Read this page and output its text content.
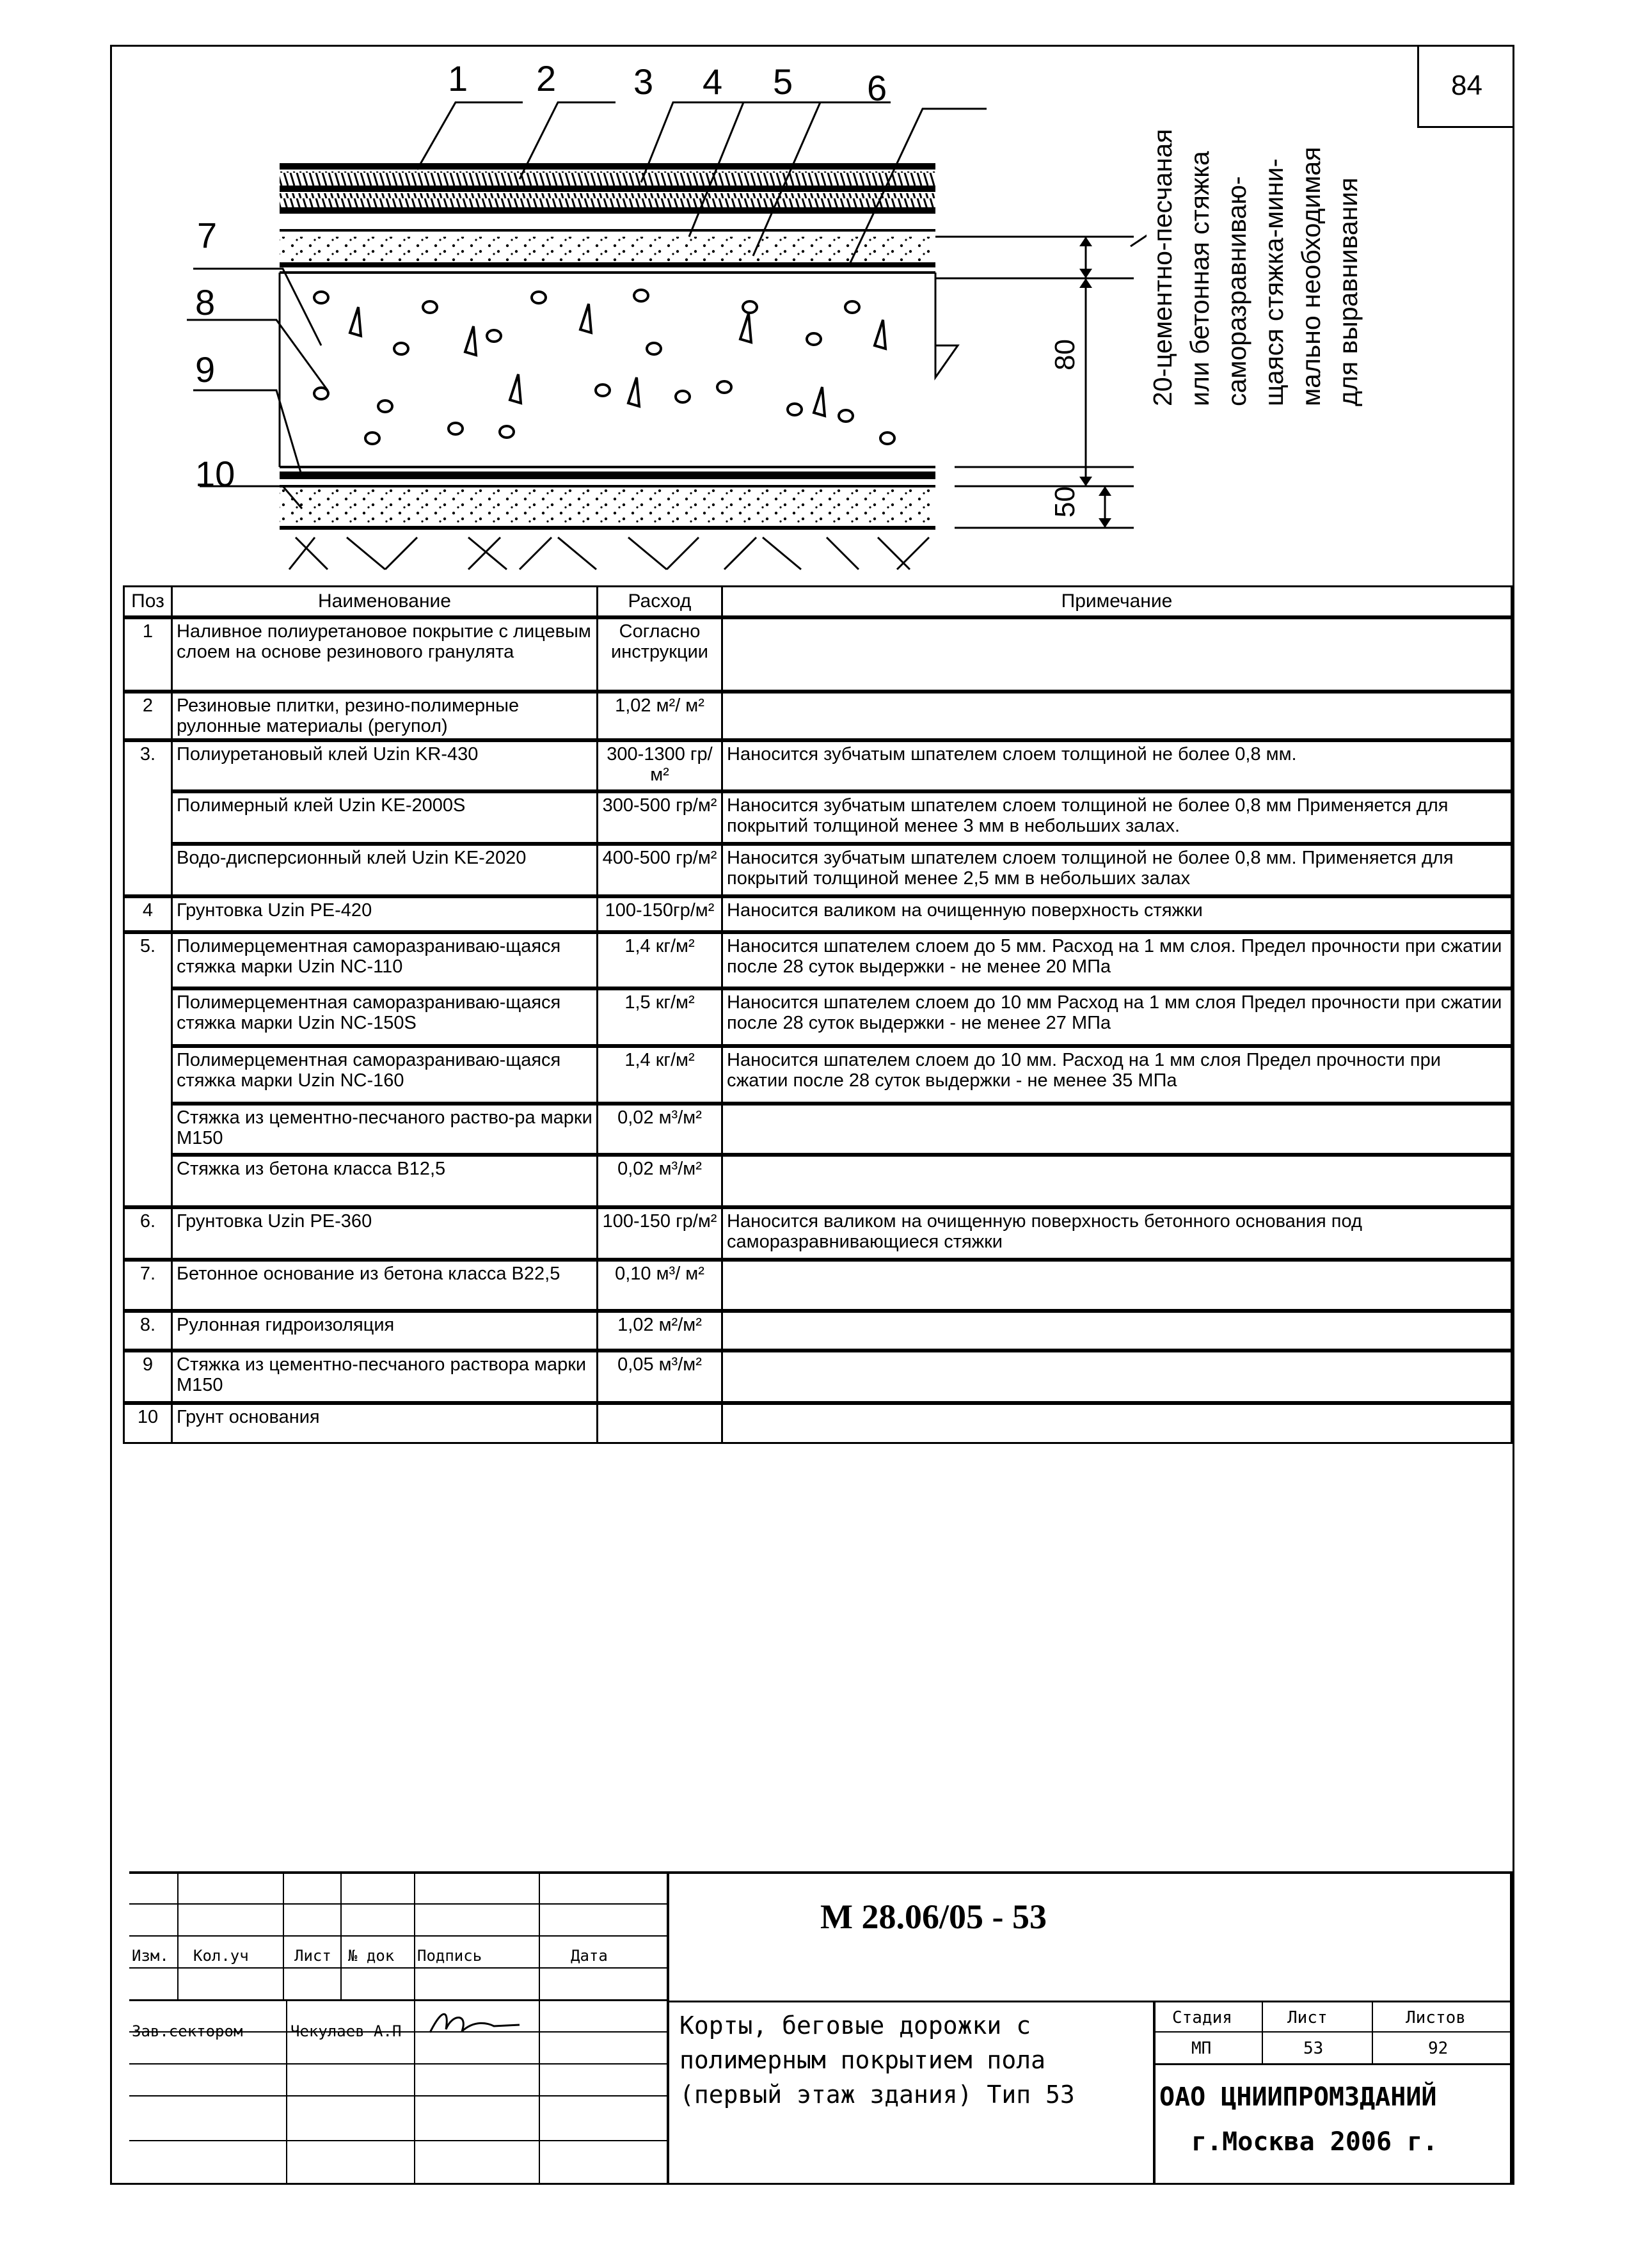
84
1 2 3 4 5 6
7
8
9
10
80
50
20-цементно-песчаная или бетонная стяжка саморазравниваю- щаяся стяжка-мини- мально необходимая для выравнивания
Поз	Наименование	Расход	Примечание
1	Наливное полиуретановое покрытие с лицевым слоем на основе резинового гранулята	Согласно инструкции	
2	Резиновые плитки, резино-полимерные рулонные материалы (регупол)	1,02 м²/ м²	
3.	Полиуретановый клей Uzin KR-430	300-1300 гр/м²	Наносится зубчатым шпателем слоем толщиной не более 0,8 мм.
	Полимерный клей Uzin KE-2000S	300-500 гр/м²	Наносится зубчатым шпателем слоем толщиной не более 0,8 мм Применяется для покрытий толщиной менее 3 мм в небольших залах.
	Водо-дисперсионный клей Uzin KE-2020	400-500 гр/м²	Наносится зубчатым шпателем слоем толщиной не более 0,8 мм. Применяется для покрытий толщиной менее 2,5 мм в небольших залах
4	Грунтовка Uzin PE-420	100-150гр/м²	Наносится валиком на очищенную поверхность стяжки
5.	Полимерцементная саморазраниваю-щаяся стяжка марки Uzin NC-110	1,4 кг/м²	Наносится шпателем слоем до 5 мм. Расход на 1 мм слоя. Предел прочности при сжатии после 28 суток выдержки - не менее 20 МПа
	Полимерцементная саморазраниваю-щаяся стяжка марки Uzin NC-150S	1,5 кг/м²	Наносится шпателем слоем до 10 мм Расход на 1 мм слоя Предел прочности при сжатии после 28 суток выдержки - не менее 27 МПа
	Полимерцементная саморазраниваю-щаяся стяжка марки Uzin NC-160	1,4 кг/м²	Наносится шпателем слоем до 10 мм. Расход на 1 мм слоя Предел прочности при сжатии после 28 суток выдержки - не менее 35 МПа
	Стяжка из цементно-песчаного раство-ра марки М150	0,02 м³/м²	
	Стяжка из бетона класса В12,5	0,02 м³/м²	
6.	Грунтовка Uzin PE-360	100-150 гр/м²	Наносится валиком на очищенную поверхность бетонного основания под саморазравнивающиеся стяжки
7.	Бетонное основание из бетона класса В22,5	0,10 м³/ м²	
8.	Рулонная гидроизоляция	1,02 м²/м²	
9	Стяжка из цементно-песчаного раствора марки М150	0,05 м³/м²	
10	Грунт основания		
М 28.06/05 - 53
Изм. Кол.уч	Лист № док Подпись	Дата
Зав.сектором	Чекулаев А.П	Корты, беговые дорожки с полимерным покрытием пола (первый этаж здания) Тип 53
Стадия	Лист	Листов
МП	53	92
ОАО ЦНИИПРОМЗДАНИЙ
г.Москва 2006 г.
